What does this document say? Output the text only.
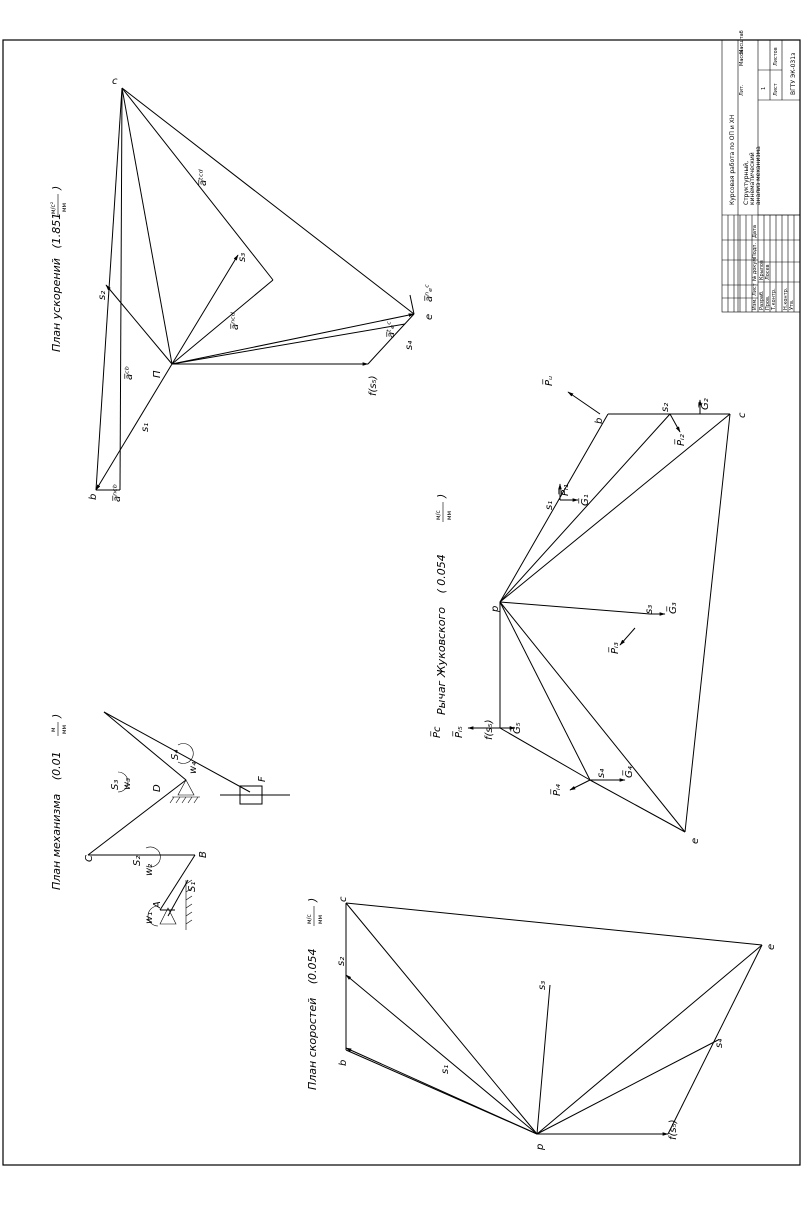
Курсовая работа по ОП и ХН Структурный, кинематический анализ механизма
ВГТУ ЭК-031з
Лит.
Масса
Масштаб
1 Лист
Листов
Изм.
Лист
№ докум.
Подп.
Дата
Разраб. Пров. Т.контр. Н.контр. Утв.
Крылов Лосев
План ускорений (1.851
м/с² мм
)
c
П
b
e
f(s₅)
s₁
s₂
s₃
s₄
a̅ᶜᵇ
a̅ⁿᶜᵇ
a̅ᵗᶜᵈ
a̅ⁿᶜᵈ
a̅ⁿₑᶜ
a̅ᵗₑᶜ
Рычаг Жуковского ( 0.054
м/с мм
)
p
b
c
e
f(s₅)
s₁
s₂
s₃
s₄
P̅ᵤ
G̅₁
G̅₂
G̅₃
G̅₄
G̅₅
P̅ᵢ₁
P̅ᵢ₂
P̅ᵢ₃
P̅ᵢ₄
P̅ᵢ₅
P̅c
План механизма (0.01
м мм
)
A
B
C
D
F
S₁
S₂
S₃
S₄
w₁
w₂
w₃
w₄
План скоростей (0.054
м/с мм
)
p
b
c
e
f(s₅)
s₁
s₂
s₃
s₄
